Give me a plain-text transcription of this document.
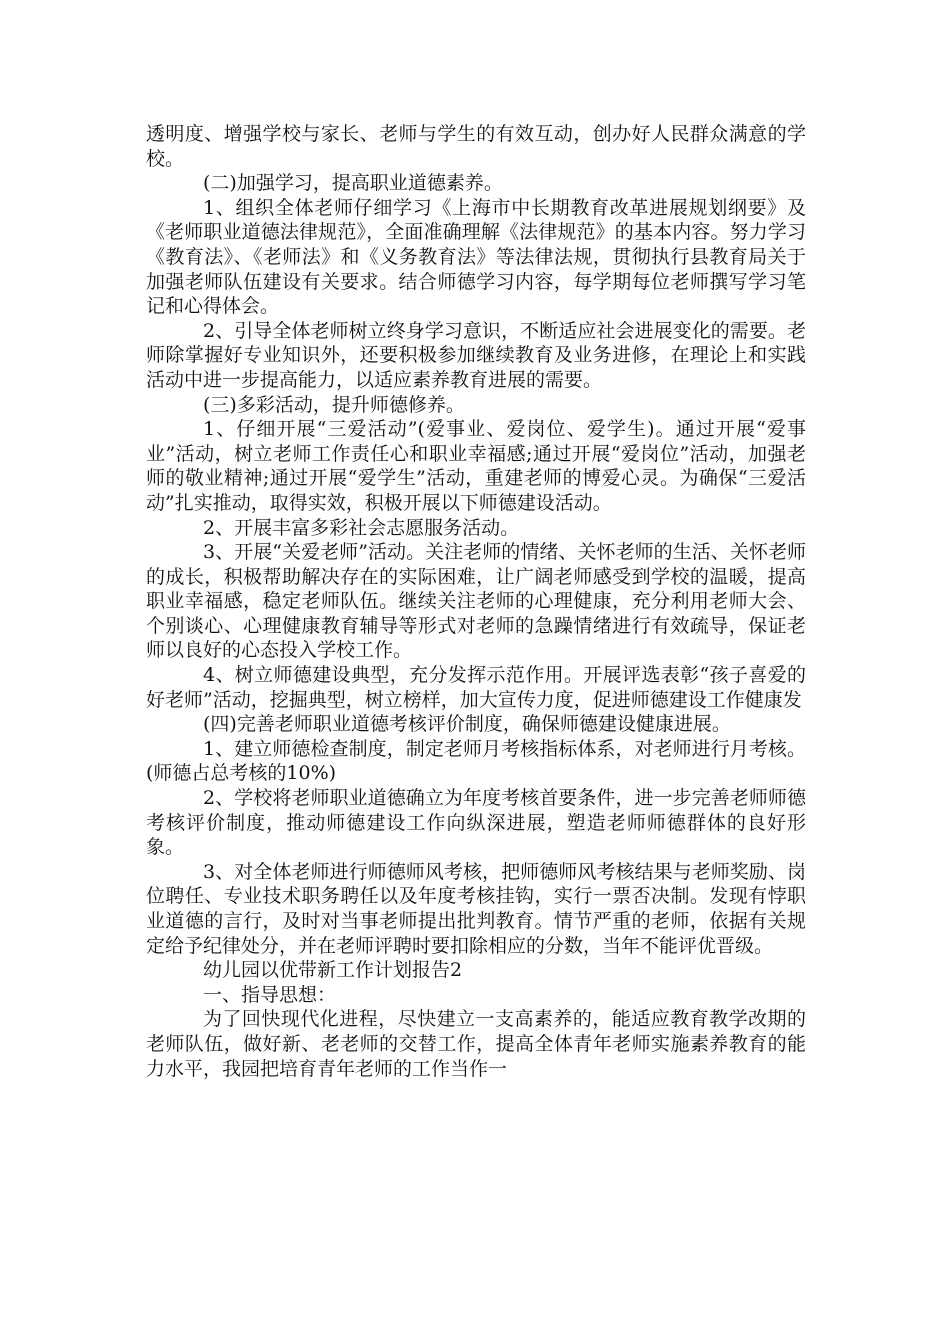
透明度、增强学校与家长、老师与学生的有效互动，创办好人民群众满意的学校。

(二)加强学习，提高职业道德素养。

1、组织全体老师仔细学习《上海市中长期教育改革进展规划纲要》及《老师职业道德法律规范》，全面准确理解《法律规范》的基本内容。努力学习《教育法》、《老师法》和《义务教育法》等法律法规，贯彻执行县教育局关于加强老师队伍建设有关要求。结合师德学习内容，每学期每位老师撰写学习笔记和心得体会。

2、引导全体老师树立终身学习意识，不断适应社会进展变化的需要。老师除掌握好专业知识外，还要积极参加继续教育及业务进修，在理论上和实践活动中进一步提高能力，以适应素养教育进展的需要。

(三)多彩活动，提升师德修养。

1、仔细开展“三爱活动”(爱事业、爱岗位、爱学生)。通过开展“爱事业”活动，树立老师工作责任心和职业幸福感;通过开展“爱岗位”活动，加强老师的敬业精神;通过开展“爱学生”活动，重建老师的博爱心灵。为确保“三爱活动”扎实推动，取得实效，积极开展以下师德建设活动。

2、开展丰富多彩社会志愿服务活动。

3、开展“关爱老师”活动。关注老师的情绪、关怀老师的生活、关怀老师的成长，积极帮助解决存在的实际困难，让广阔老师感受到学校的温暖，提高职业幸福感，稳定老师队伍。继续关注老师的心理健康，充分利用老师大会、个别谈心、心理健康教育辅导等形式对老师的急躁情绪进行有效疏导，保证老师以良好的心态投入学校工作。

4、树立师德建设典型，充分发挥示范作用。开展评选表彰“孩子喜爱的好老师”活动，挖掘典型，树立榜样，加大宣传力度，促进师德建设工作健康发

(四)完善老师职业道德考核评价制度，确保师德建设健康进展。

1、建立师德检查制度，制定老师月考核指标体系，对老师进行月考核。(师德占总考核的10%)

2、学校将老师职业道德确立为年度考核首要条件，进一步完善老师师德考核评价制度，推动师德建设工作向纵深进展，塑造老师师德群体的良好形象。

3、对全体老师进行师德师风考核，把师德师风考核结果与老师奖励、岗位聘任、专业技术职务聘任以及年度考核挂钩，实行一票否决制。发现有悖职业道德的言行，及时对当事老师提出批判教育。情节严重的老师，依据有关规定给予纪律处分，并在老师评聘时要扣除相应的分数，当年不能评优晋级。

幼儿园以优带新工作计划报告2

一、指导思想：

为了回快现代化进程，尽快建立一支高素养的，能适应教育教学改期的老师队伍，做好新、老老师的交替工作，提高全体青年老师实施素养教育的能力水平，我园把培育青年老师的工作当作一
